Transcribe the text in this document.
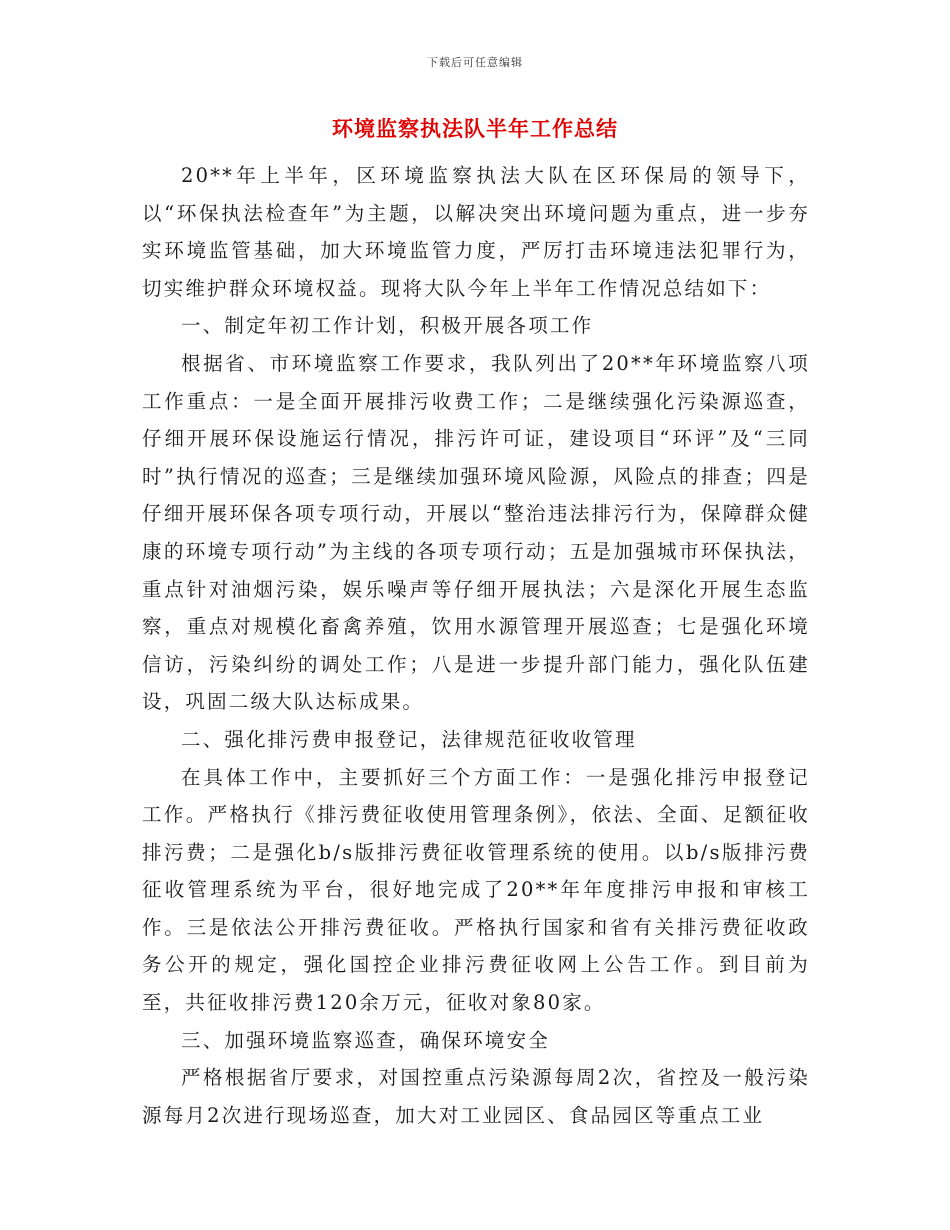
下载后可任意编辑
环境监察执法队半年工作总结

20**年上半年，区环境监察执法大队在区环保局的领导下，以“环保执法检查年”为主题，以解决突出环境问题为重点，进一步夯实环境监管基础，加大环境监管力度，严厉打击环境违法犯罪行为，切实维护群众环境权益。现将大队今年上半年工作情况总结如下：

一、制定年初工作计划，积极开展各项工作

根据省、市环境监察工作要求，我队列出了20**年环境监察八项工作重点：一是全面开展排污收费工作；二是继续强化污染源巡查，仔细开展环保设施运行情况，排污许可证，建设项目“环评”及“三同时”执行情况的巡查；三是继续加强环境风险源，风险点的排查；四是仔细开展环保各项专项行动，开展以“整治违法排污行为，保障群众健康的环境专项行动”为主线的各项专项行动；五是加强城市环保执法，重点针对油烟污染，娱乐噪声等仔细开展执法；六是深化开展生态监察，重点对规模化畜禽养殖，饮用水源管理开展巡查；七是强化环境信访，污染纠纷的调处工作；八是进一步提升部门能力，强化队伍建设，巩固二级大队达标成果。

二、强化排污费申报登记，法律规范征收收管理

在具体工作中，主要抓好三个方面工作：一是强化排污申报登记工作。严格执行《排污费征收使用管理条例》，依法、全面、足额征收排污费；二是强化b/s版排污费征收管理系统的使用。以b/s版排污费征收管理系统为平台，很好地完成了20**年年度排污申报和审核工作。三是依法公开排污费征收。严格执行国家和省有关排污费征收政务公开的规定，强化国控企业排污费征收网上公告工作。到目前为至，共征收排污费120余万元，征收对象80家。

三、加强环境监察巡查，确保环境安全

严格根据省厅要求，对国控重点污染源每周2次，省控及一般污染源每月2次进行现场巡查，加大对工业园区、食品园区等重点工业
